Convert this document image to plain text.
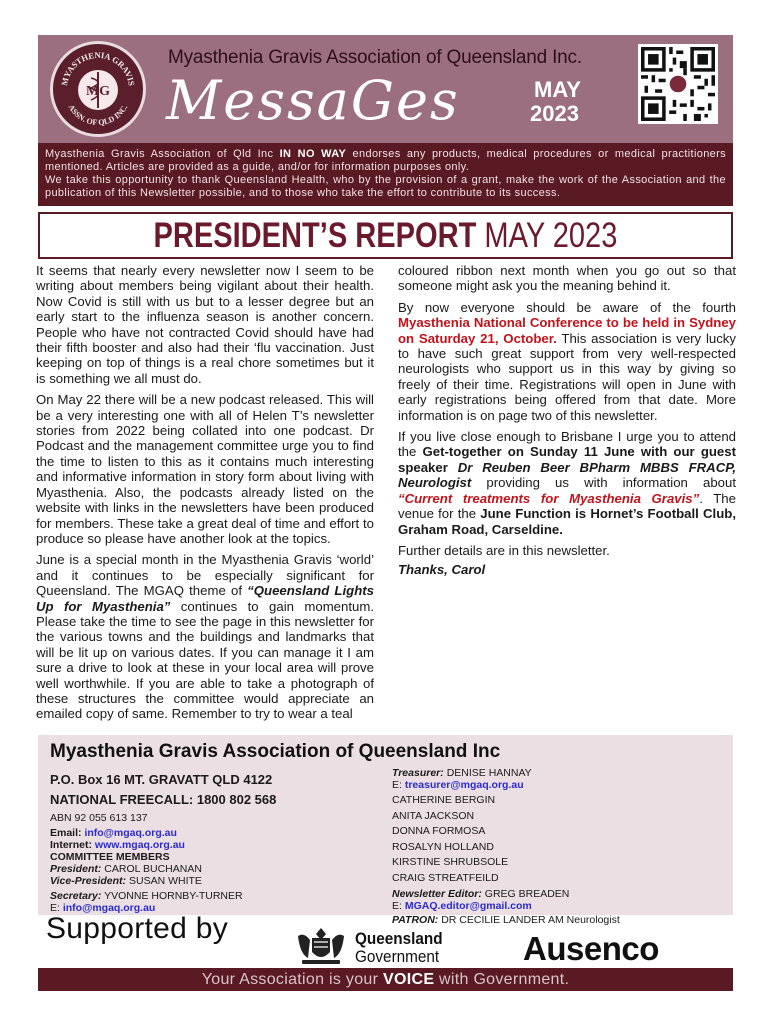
MYASTHENIA GRAVIS
ASSN. OF QLD INC.
MG
Myasthenia Gravis Association of Queensland Inc.
MessaGes	MAY
2023

Myasthenia Gravis Association of Qld Inc IN NO WAY endorses any products, medical procedures or medical practitioners mentioned. Articles are provided as a guide, and/or for information purposes only.

We take this opportunity to thank Queensland Health, who by the provision of a grant, make the work of the Association and the publication of this Newsletter possible, and to those who take the effort to contribute to its success.

PRESIDENT’S REPORT MAY 2023

It seems that nearly every newsletter now I seem to be writing about members being vigilant about their health. Now Covid is still with us but to a lesser degree but an early start to the influenza season is another concern. People who have not contracted Covid should have had their fifth booster and also had their ‘flu vaccination. Just keeping on top of things is a real chore sometimes but it is something we all must do.

On May 22 there will be a new podcast released. This will be a very interesting one with all of Helen T’s newsletter stories from 2022 being collated into one podcast. Dr Podcast and the management committee urge you to find the time to listen to this as it contains much interesting and informative information in story form about living with Myasthenia. Also, the podcasts already listed on the website with links in the newsletters have been produced for members. These take a great deal of time and effort to produce so please have another look at the topics.

June is a special month in the Myasthenia Gravis ‘world’ and it continues to be especially significant for Queensland. The MGAQ theme of “Queensland Lights Up for Myasthenia” continues to gain momentum. Please take the time to see the page in this newsletter for the various towns and the buildings and landmarks that will be lit up on various dates. If you can manage it I am sure a drive to look at these in your local area will prove well worthwhile. If you are able to take a photograph of these structures the committee would appreciate an emailed copy of same. Remember to try to wear a teal

coloured ribbon next month when you go out so that someone might ask you the meaning behind it.

By now everyone should be aware of the fourth Myasthenia National Conference to be held in Sydney on Saturday 21, October. This association is very lucky to have such great support from very well-respected neurologists who support us in this way by giving so freely of their time. Registrations will open in June with early registrations being offered from that date. More information is on page two of this newsletter.

If you live close enough to Brisbane I urge you to attend the Get-together on Sunday 11 June with our guest speaker Dr Reuben Beer BPharm MBBS FRACP, Neurologist providing us with information about “Current treatments for Myasthenia Gravis”. The venue for the June Function is Hornet’s Football Club, Graham Road, Carseldine.

Further details are in this newsletter.

Thanks, Carol

Myasthenia Gravis Association of Queensland Inc
P.O. Box 16 MT. GRAVATT QLD 4122
NATIONAL FREECALL: 1800 802 568
ABN 92 055 613 137
Email: info@mgaq.org.au
Internet: www.mgaq.org.au
COMMITTEE MEMBERS
President: CAROL BUCHANAN
Vice-President: SUSAN WHITE
Secretary: YVONNE HORNBY-TURNER
E: info@mgaq.org.au
Treasurer: DENISE HANNAY
E: treasurer@mgaq.org.au
CATHERINE BERGIN
ANITA JACKSON
DONNA FORMOSA
ROSALYN HOLLAND
KIRSTINE SHRUBSOLE
CRAIG STREATFEILD
Newsletter Editor: GREG BREADEN
E: MGAQ.editor@gmail.com
PATRON: DR CECILIE LANDER AM Neurologist
Supported by	Queensland
Government	Ausenco
Your Association is your VOICE with Government.
